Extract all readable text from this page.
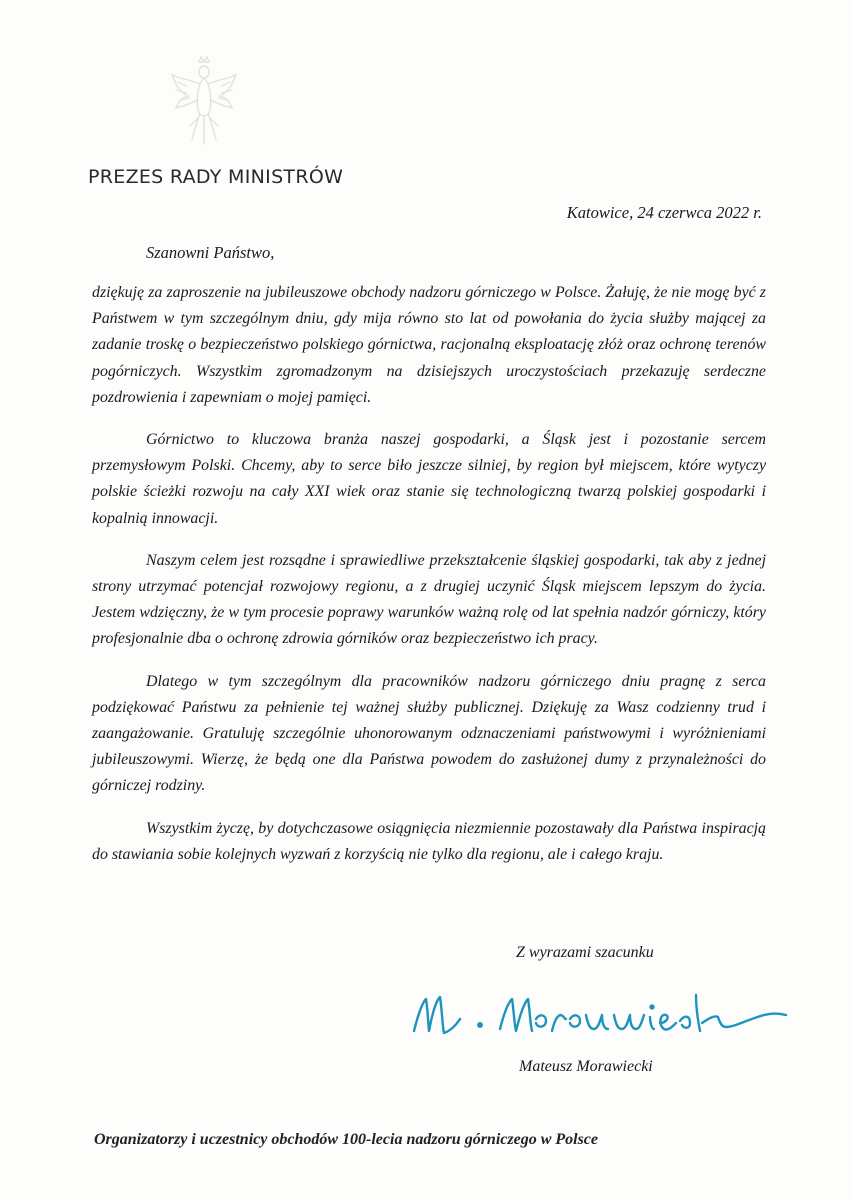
PREZES RADY MINISTRÓW
Katowice, 24 czerwca 2022 r.
Szanowni Państwo,

dziękuję za zaproszenie na jubileuszowe obchody nadzoru górniczego w Polsce. Żałuję, że nie mogę być z Państwem w tym szczególnym dniu, gdy mija równo sto lat od powołania do życia służby mającej za zadanie troskę o bezpieczeństwo polskiego górnictwa, racjonalną eksploatację złóż oraz ochronę terenów pogórniczych. Wszystkim zgromadzonym na dzisiejszych uroczystościach przekazuję serdeczne pozdrowienia i zapewniam o mojej pamięci.

Górnictwo to kluczowa branża naszej gospodarki, a Śląsk jest i pozostanie sercem przemysłowym Polski. Chcemy, aby to serce biło jeszcze silniej, by region był miejscem, które wytyczy polskie ścieżki rozwoju na cały XXI wiek oraz stanie się technologiczną twarzą polskiej gospodarki i kopalnią innowacji.

Naszym celem jest rozsądne i sprawiedliwe przekształcenie śląskiej gospodarki, tak aby z jednej strony utrzymać potencjał rozwojowy regionu, a z drugiej uczynić Śląsk miejscem lepszym do życia. Jestem wdzięczny, że w tym procesie poprawy warunków ważną rolę od lat spełnia nadzór górniczy, który profesjonalnie dba o ochronę zdrowia górników oraz bezpieczeństwo ich pracy.

Dlatego w tym szczególnym dla pracowników nadzoru górniczego dniu pragnę z serca podziękować Państwu za pełnienie tej ważnej służby publicznej. Dziękuję za Wasz codzienny trud i zaangażowanie. Gratuluję szczególnie uhonorowanym odznaczeniami państwowymi i wyróżnieniami jubileuszowymi. Wierzę, że będą one dla Państwa powodem do zasłużonej dumy z przynależności do górniczej rodziny.

Wszystkim życzę, by dotychczasowe osiągnięcia niezmiennie pozostawały dla Państwa inspiracją do stawiania sobie kolejnych wyzwań z korzyścią nie tylko dla regionu, ale i całego kraju.

Z wyrazami szacunku
Mateusz Morawiecki
Organizatorzy i uczestnicy obchodów 100-lecia nadzoru górniczego w Polsce
